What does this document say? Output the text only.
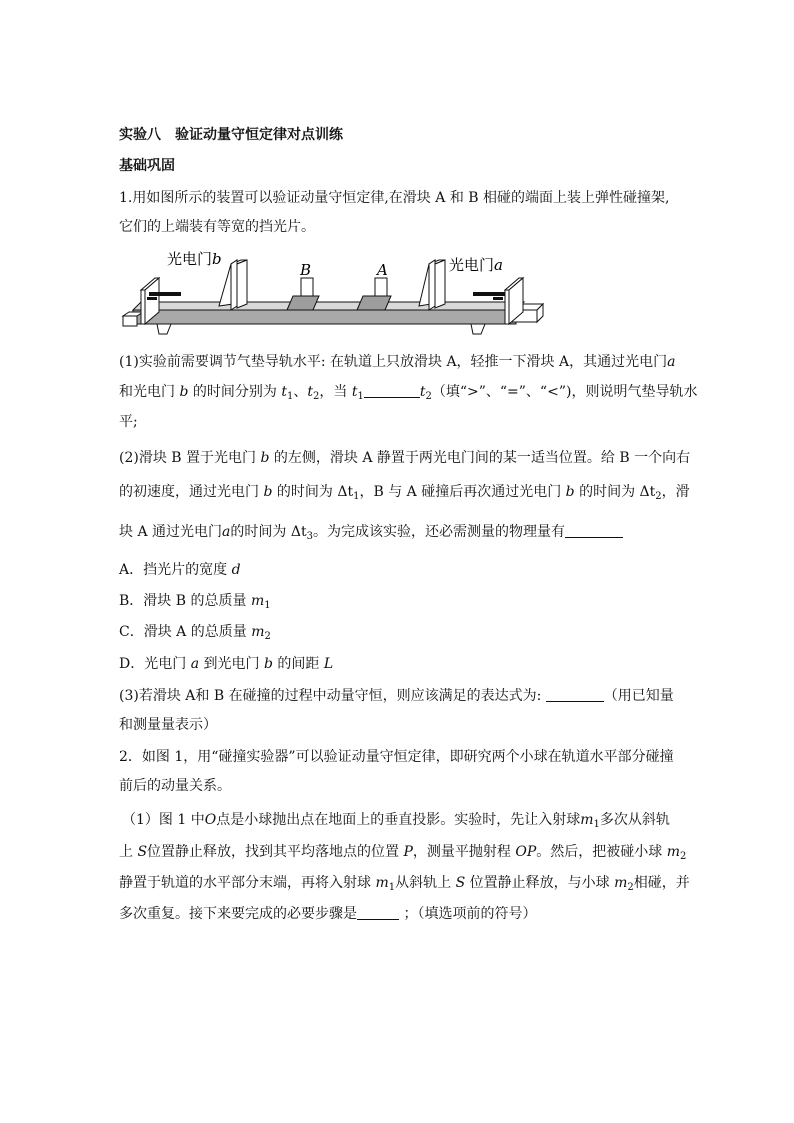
实验八　验证动量守恒定律对点训练
基础巩固
1.用如图所示的装置可以验证动量守恒定律,在滑块 A 和 B 相碰的端面上装上弹性碰撞架,
它们的上端装有等宽的挡光片。
光电门b
B	A	光电门a
(1)实验前需要调节气垫导轨水平: 在轨道上只放滑块 A，轻推一下滑块 A，其通过光电门a
和光电门 b 的时间分别为 $t_1$、$t_2$，当 $t_1$	$t_2$（填“>”、“=”、“<”)，则说明气垫导轨水
平;
(2)滑块 B 置于光电门 b 的左侧，滑块 A 静置于两光电门间的某一适当位置。给 B 一个向右
的初速度，通过光电门 b 的时间为 $\Delta t_1$，B 与 A 碰撞后再次通过光电门 b 的时间为 $\Delta t_2$，滑
块 A 通过光电门a的时间为 $\Delta t_3$。为完成该实验，还必需测量的物理量有
A．挡光片的宽度 d
B．滑块 B 的总质量 $m_1$
C．滑块 A 的总质量 $m_2$
D．光电门 a 到光电门 b 的间距 L
(3)若滑块 A和 B 在碰撞的过程中动量守恒，则应该满足的表达式为:	（用已知量
和测量量表示）
2．如图 1，用“碰撞实验器”可以验证动量守恒定律，即研究两个小球在轨道水平部分碰撞
前后的动量关系。
（1）图 1 中O点是小球抛出点在地面上的垂直投影。实验时，先让入射球$m_1$多次从斜轨
上 S位置静止释放，找到其平均落地点的位置 P，测量平抛射程 OP。然后，把被碰小球 $m_2$
静置于轨道的水平部分末端，再将入射球 $m_1$从斜轨上 S 位置静止释放，与小球 $m_2$相碰，并
多次重复。接下来要完成的必要步骤是	；（填选项前的符号）
